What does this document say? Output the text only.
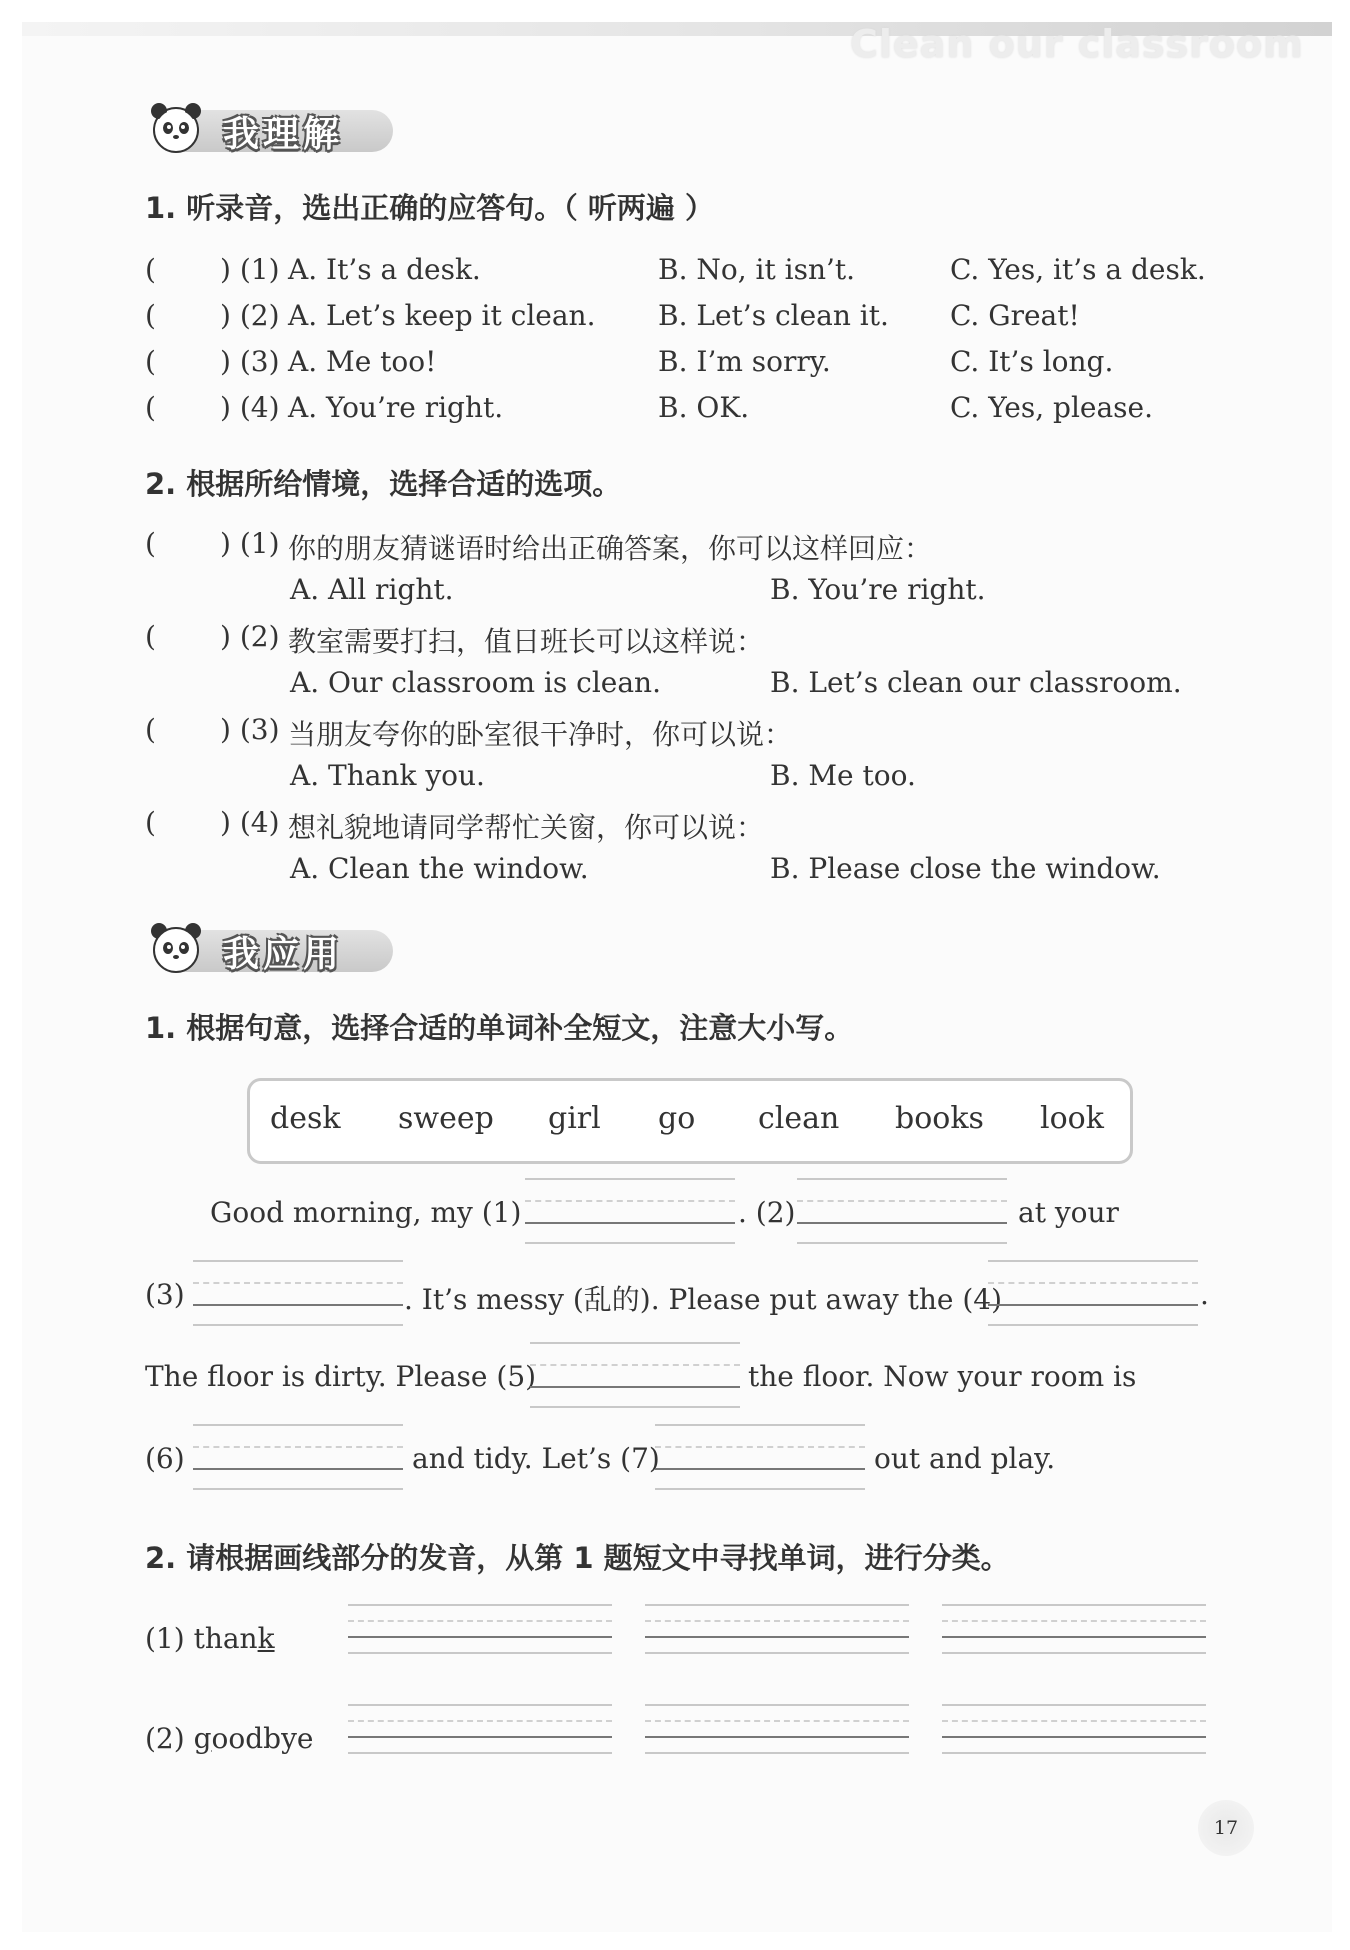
Clean our classroom
我理解
1. 听录音，选出正确的应答句。（ 听两遍 ）
( ) (1) A. It’s a desk.	B. No, it isn’t.	C. Yes, it’s a desk.
( ) (2) A. Let’s keep it clean. B. Let’s clean it. C. Great!
( ) (3) A. Me too!	B. I’m sorry.	C. It’s long.
( ) (4) A. You’re right.	B. OK.	C. Yes, please.
2. 根据所给情境，选择合适的选项。
( ) (1) 你的朋友猜谜语时给出正确答案，你可以这样回应：
A. All right.	B. You’re right.
( ) (2) 教室需要打扫，值日班长可以这样说：
A. Our classroom is clean.	B. Let’s clean our classroom.
( ) (3) 当朋友夸你的卧室很干净时，你可以说：
A. Thank you.	B. Me too.
( ) (4) 想礼貌地请同学帮忙关窗，你可以说：
A. Clean the window.	B. Please close the window.
我应用
1. 根据句意，选择合适的单词补全短文，注意大小写。
desk sweep girl go clean books look
Good morning, my (1)	. (2)	at your
(3)	. It’s messy (乱的). Please put away the (4)	.
The floor is dirty. Please (5)	the floor. Now your room is
(6)	and tidy. Let’s (7)	out and play.
2. 请根据画线部分的发音，从第 1 题短文中寻找单词，进行分类。
(1) thank
(2) goodbye
17
